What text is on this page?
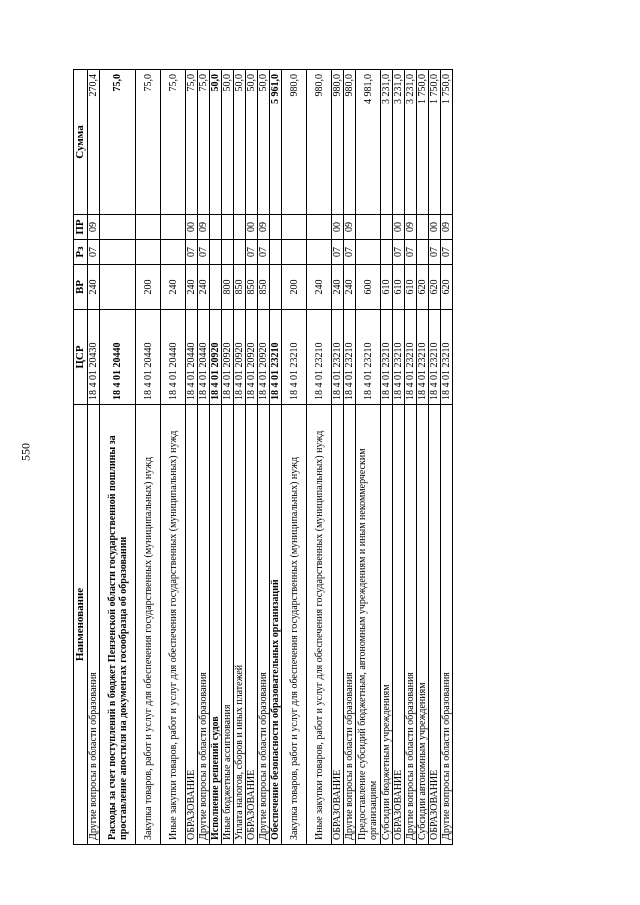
550
Наименование	ЦСР	ВР	Рз	ПР	Сумма
Другие вопросы в области образования	18 4 01 20430	240	07	09	270,4
Расходы за счет поступлений в бюджет Пензенской области государственной пошлины за проставление апостиля на документах госообразца об образовании	18 4 01 20440				75,0
Закупка товаров, работ и услуг для обеспечения государственных (муниципальных) нужд	18 4 01 20440	200			75,0
Иные закупки товаров, работ и услуг для обеспечения государственных (муниципальных) нужд	18 4 01 20440	240			75,0
ОБРАЗОВАНИЕ	18 4 01 20440	240	07	00	75,0
Другие вопросы в области образования	18 4 01 20440	240	07	09	75,0
Исполнение решений судов	18 4 01 20920				50,0
Иные бюджетные ассигнования	18 4 01 20920	800			50,0
Уплата налогов, сборов и иных платежей	18 4 01 20920	850			50,0
ОБРАЗОВАНИЕ	18 4 01 20920	850	07	00	50,0
Другие вопросы в области образования	18 4 01 20920	850	07	09	50,0
Обеспечение безопасности образовательных организаций	18 4 01 23210				5 961,0
Закупка товаров, работ и услуг для обеспечения государственных (муниципальных) нужд	18 4 01 23210	200			980,0
Иные закупки товаров, работ и услуг для обеспечения государственных (муниципальных) нужд	18 4 01 23210	240			980,0
ОБРАЗОВАНИЕ	18 4 01 23210	240	07	00	980,0
Другие вопросы в области образования	18 4 01 23210	240	07	09	980,0
Предоставление субсидий бюджетным, автономным учреждениям и иным некоммерческим организациям	18 4 01 23210	600			4 981,0
Субсидии бюджетным учреждениям	18 4 01 23210	610			3 231,0
ОБРАЗОВАНИЕ	18 4 01 23210	610	07	00	3 231,0
Другие вопросы в области образования	18 4 01 23210	610	07	09	3 231,0
Субсидии автономным учреждениям	18 4 01 23210	620			1 750,0
ОБРАЗОВАНИЕ	18 4 01 23210	620	07	00	1 750,0
Другие вопросы в области образования	18 4 01 23210	620	07	09	1 750,0
